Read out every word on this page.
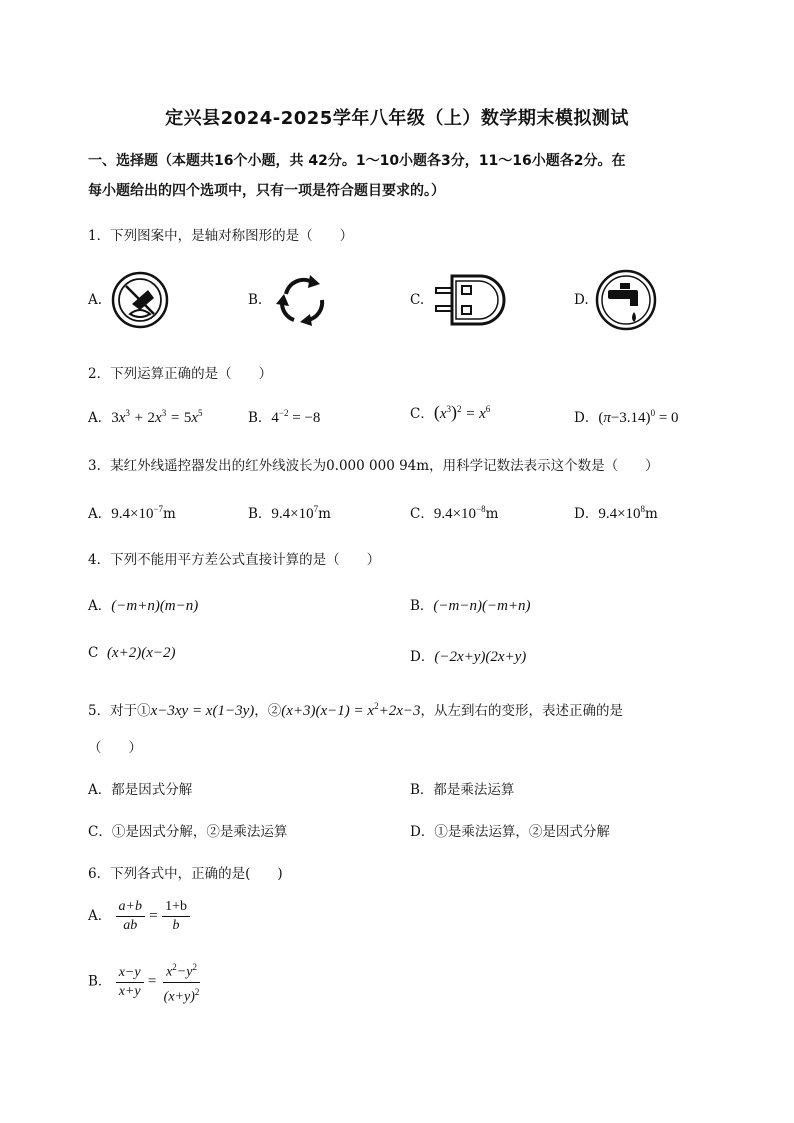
定兴县2024-2025学年八年级（上）数学期末模拟测试
一、选择题（本题共16个小题，共 42分。1～10小题各3分，11～16小题各2分。在
每小题给出的四个选项中，只有一项是符合题目要求的。）
1．下列图案中，是轴对称图形的是（　　）
A.	B.	C.	D.
2．下列运算正确的是（　　）
A．$3x^3 + 2x^3 = 5x^5$	B．$4^{-2} = -8$	C．$(x^3)^2 = x^6$
D．$(\pi-3.14)^0 = 0$
3．某红外线遥控器发出的红外线波长为0.000 000 94m，用科学记数法表示这个数是（　　）
A．$9.4\times 10^{-7}m$	B．$9.4\times 10^7m$	C．$9.4\times 10^{-8}m$	D．$9.4\times 10^8m$
4．下列不能用平方差公式直接计算的是（　　）
A．(−m+n)(m−n)	B．(−m−n)(−m+n)
C (x+2)(x−2)	D．(−2x+y)(2x+y)
5．对于①x−3xy = x(1−3y)，②(x+3)(x−1) = $x^2+2x-3$，从左到右的变形，表述正确的是
（　　）
A．都是因式分解	B．都是乘法运算
C．①是因式分解，②是乘法运算	D．①是乘法运算，②是因式分解
6．下列各式中，正确的是(　　)
A． $\frac{a+b}{ab} = \frac{1+b}{b}$
B． $\frac{x-y}{x+y} = \frac{x^2-y^2}{(x+y)^2}$
